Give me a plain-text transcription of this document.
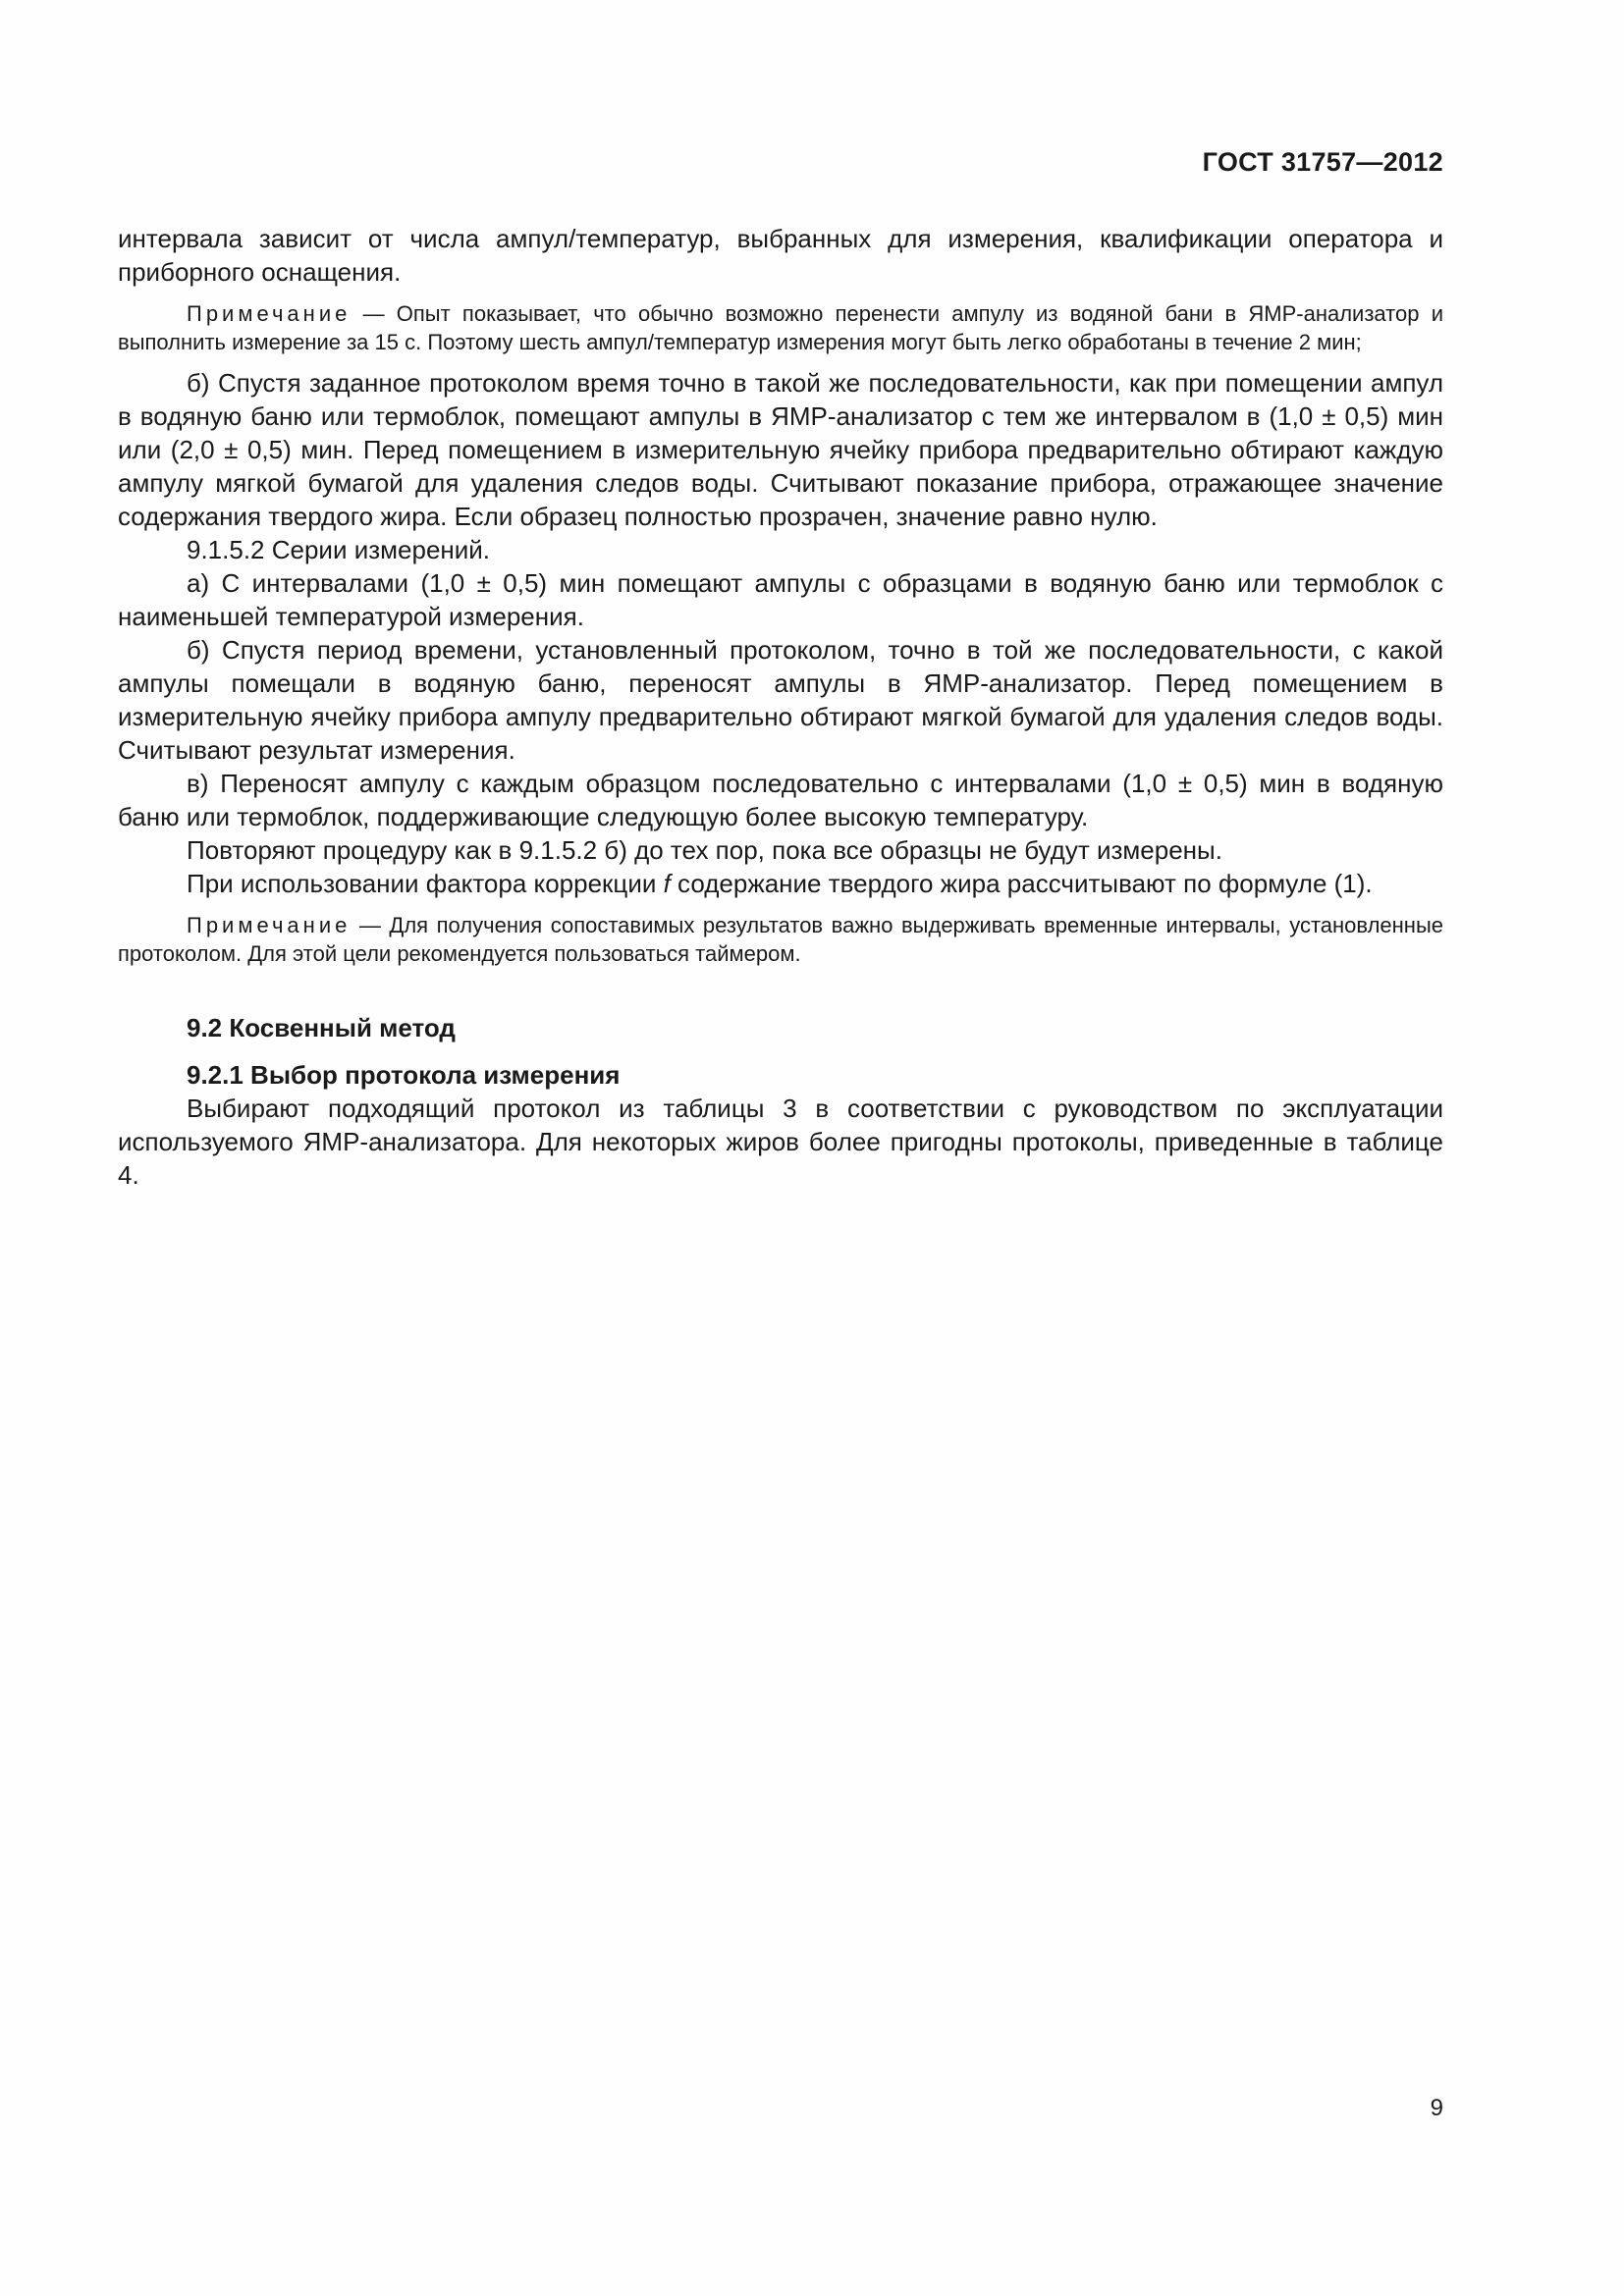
ГОСТ 31757—2012

интервала зависит от числа ампул/температур, выбранных для измерения, квалификации оператора и приборного оснащения.

Примечание — Опыт показывает, что обычно возможно перенести ампулу из водяной бани в ЯМР-анализатор и выполнить измерение за 15 с. Поэтому шесть ампул/температур измерения могут быть легко обработаны в течение 2 мин;

б) Спустя заданное протоколом время точно в такой же последовательности, как при помещении ампул в водяную баню или термоблок, помещают ампулы в ЯМР-анализатор с тем же интервалом в (1,0 ± 0,5) мин или (2,0 ± 0,5) мин. Перед помещением в измерительную ячейку прибора предварительно обтирают каждую ампулу мягкой бумагой для удаления следов воды. Считывают показание прибора, отражающее значение содержания твердого жира. Если образец полностью прозрачен, значение равно нулю.

9.1.5.2 Серии измерений.

а) С интервалами (1,0 ± 0,5) мин помещают ампулы с образцами в водяную баню или термоблок с наименьшей температурой измерения.

б) Спустя период времени, установленный протоколом, точно в той же последовательности, с какой ампулы помещали в водяную баню, переносят ампулы в ЯМР-анализатор. Перед помещением в измерительную ячейку прибора ампулу предварительно обтирают мягкой бумагой для удаления следов воды. Считывают результат измерения.

в) Переносят ампулу с каждым образцом последовательно с интервалами (1,0 ± 0,5) мин в водяную баню или термоблок, поддерживающие следующую более высокую температуру.

Повторяют процедуру как в 9.1.5.2 б) до тех пор, пока все образцы не будут измерены.

При использовании фактора коррекции f содержание твердого жира рассчитывают по формуле (1).

Примечание — Для получения сопоставимых результатов важно выдерживать временные интервалы, установленные протоколом. Для этой цели рекомендуется пользоваться таймером.

9.2 Косвенный метод

9.2.1 Выбор протокола измерения

Выбирают подходящий протокол из таблицы 3 в соответствии с руководством по эксплуатации используемого ЯМР-анализатора. Для некоторых жиров более пригодны протоколы, приведенные в таблице 4.

9
